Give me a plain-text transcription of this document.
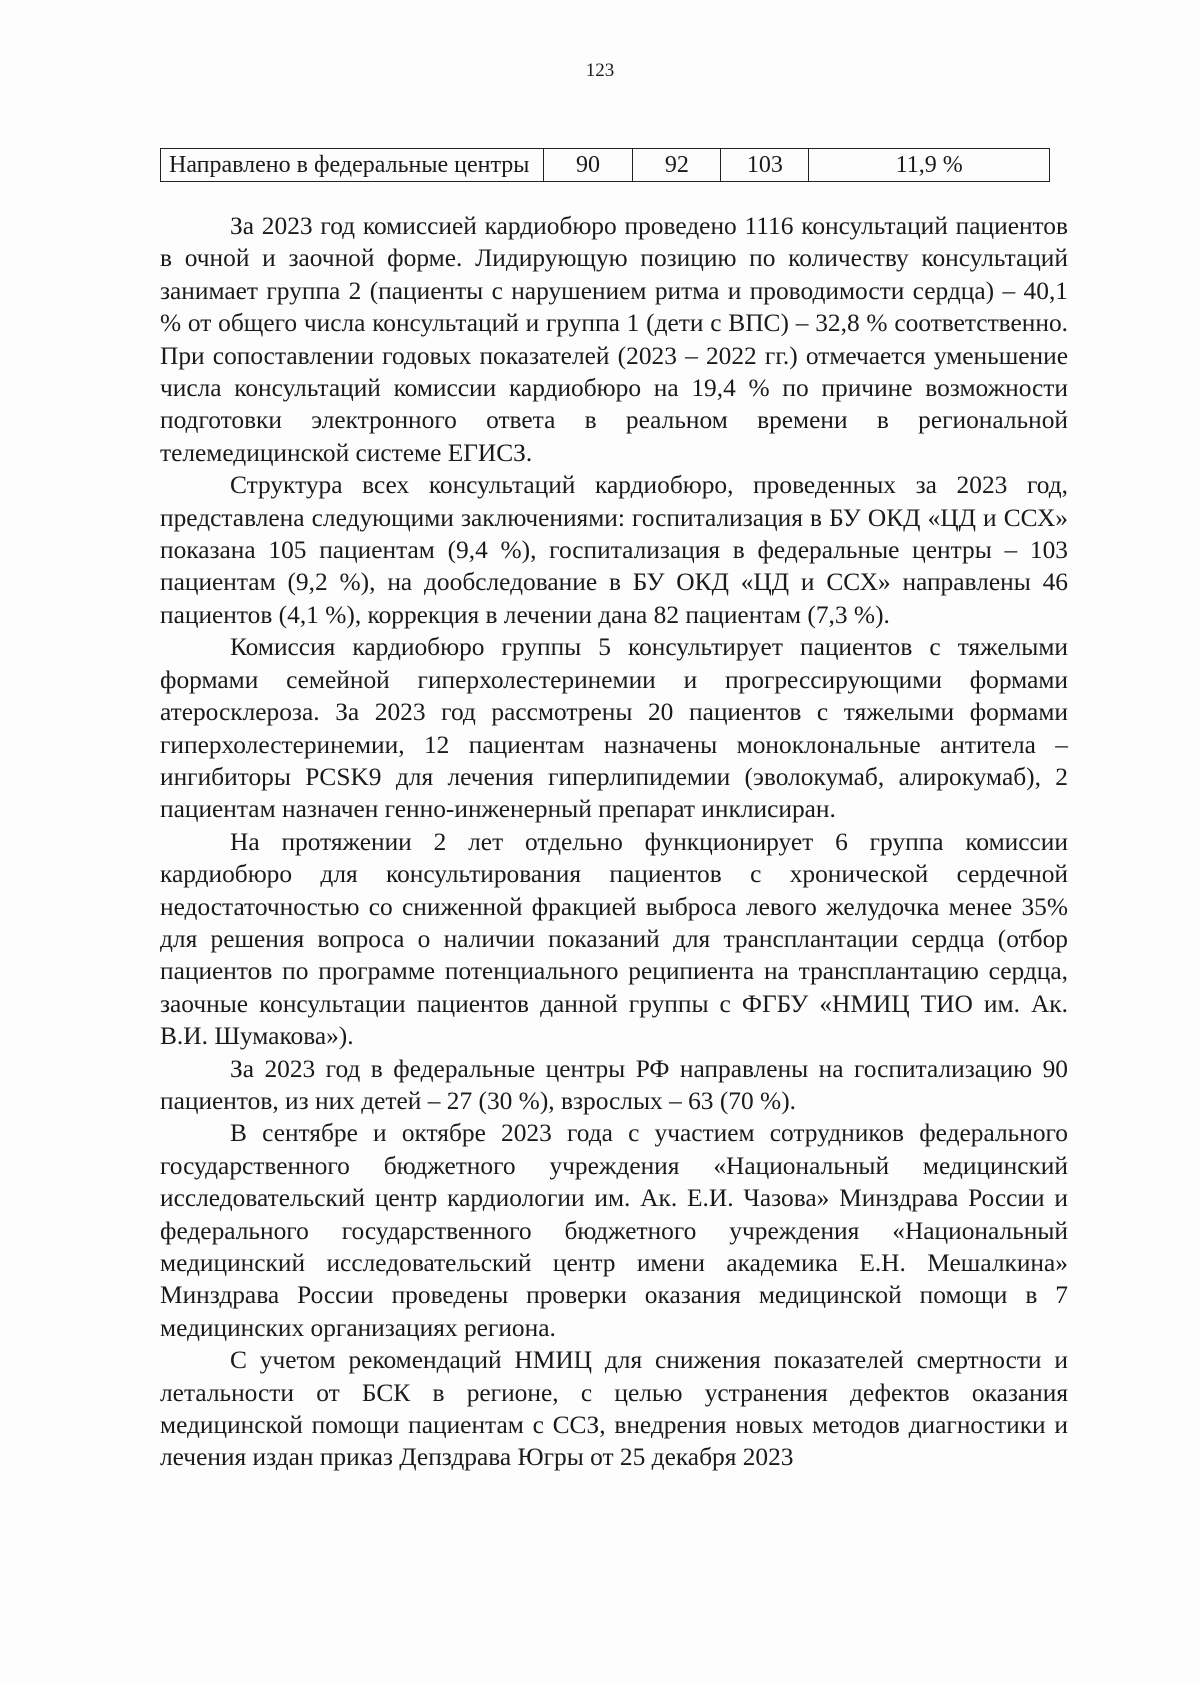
123
Направлено в федеральные центры	90	92	103	11,9 %

За 2023 год комиссией кардиобюро проведено 1116 консультаций пациентов в очной и заочной форме. Лидирующую позицию по количеству консультаций занимает группа 2 (пациенты с нарушением ритма и проводимости сердца) – 40,1 % от общего числа консультаций и группа 1 (дети с ВПС) – 32,8 % соответственно. При сопоставлении годовых показателей (2023 – 2022 гг.) отмечается уменьшение числа консультаций комиссии кардиобюро на 19,4 % по причине возможности подготовки электронного ответа в реальном времени в региональной телемедицинской системе ЕГИСЗ.

Структура всех консультаций кардиобюро, проведенных за 2023 год, представлена следующими заключениями: госпитализация в БУ ОКД «ЦД и ССХ» показана 105 пациентам (9,4 %), госпитализация в федеральные центры – 103 пациентам (9,2 %), на дообследование в БУ ОКД «ЦД и ССХ» направлены 46 пациентов (4,1 %), коррекция в лечении дана 82 пациентам (7,3 %).

Комиссия кардиобюро группы 5 консультирует пациентов с тяжелыми формами семейной гиперхолестеринемии и прогрессирующими формами атеросклероза. За 2023 год рассмотрены 20 пациентов с тяжелыми формами гиперхолестеринемии, 12 пациентам назначены моноклональные антитела – ингибиторы PCSK9 для лечения гиперлипидемии (эволокумаб, алирокумаб), 2 пациентам назначен генно-инженерный препарат инклисиран.

На протяжении 2 лет отдельно функционирует 6 группа комиссии кардиобюро для консультирования пациентов с хронической сердечной недостаточностью со сниженной фракцией выброса левого желудочка менее 35% для решения вопроса о наличии показаний для трансплантации сердца (отбор пациентов по программе потенциального реципиента на трансплантацию сердца, заочные консультации пациентов данной группы с ФГБУ «НМИЦ ТИО им. Ак. В.И. Шумакова»).

За 2023 год в федеральные центры РФ направлены на госпитализацию 90 пациентов, из них детей – 27 (30 %), взрослых – 63 (70 %).

В сентябре и октябре 2023 года с участием сотрудников федерального государственного бюджетного учреждения «Национальный медицинский исследовательский центр кардиологии им. Ак. Е.И. Чазова» Минздрава России и федерального государственного бюджетного учреждения «Национальный медицинский исследовательский центр имени академика Е.Н. Мешалкина» Минздрава России проведены проверки оказания медицинской помощи в 7 медицинских организациях региона.

С учетом рекомендаций НМИЦ для снижения показателей смертности и летальности от БСК в регионе, с целью устранения дефектов оказания медицинской помощи пациентам с ССЗ, внедрения новых методов диагностики и лечения издан приказ Депздрава Югры от 25 декабря 2023
